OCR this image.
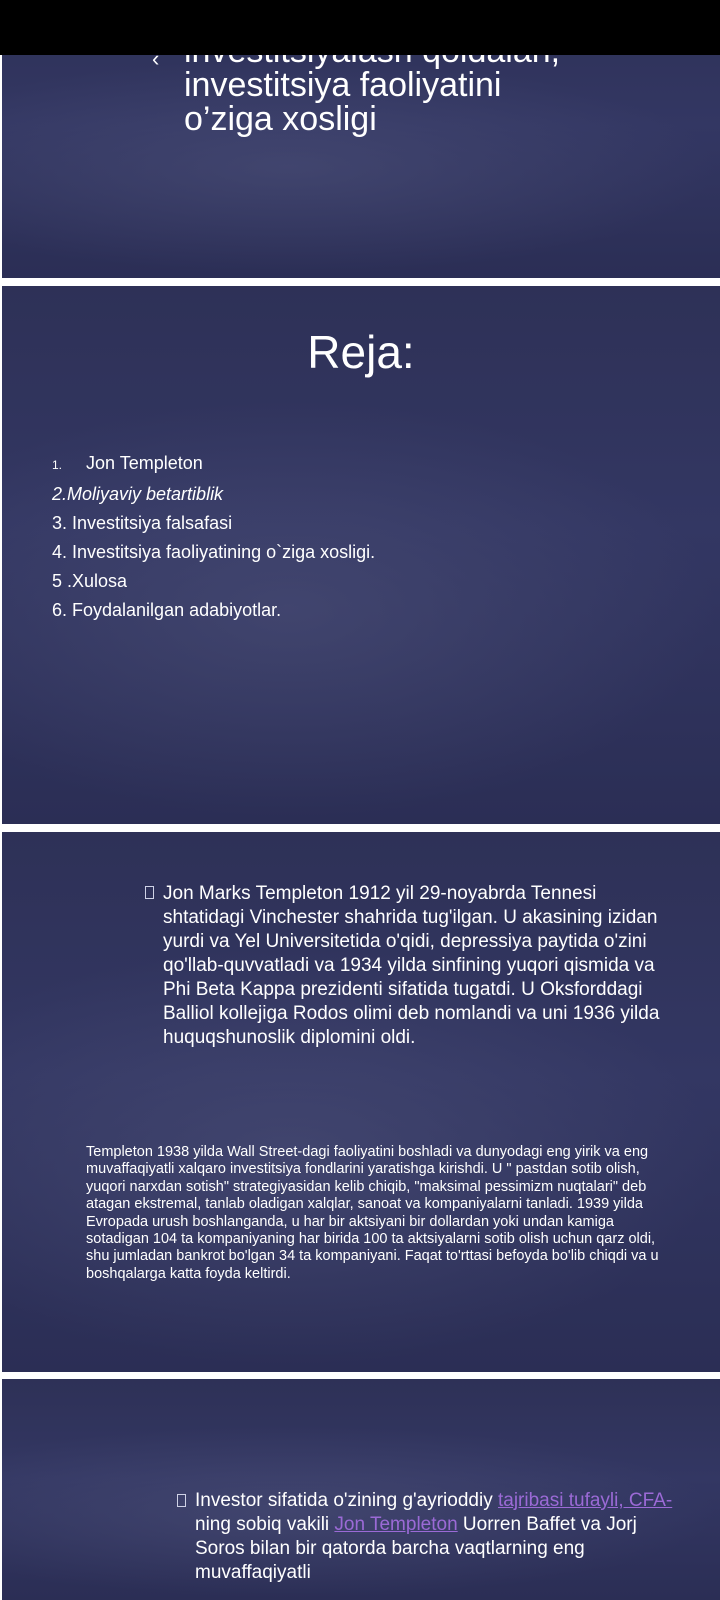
investitsiya faoliyatini
o’ziga xosligi
‹
Reja:
1. Jon Templeton
2.Moliyaviy betartiblik
3. Investitsiya falsafasi
4. Investitsiya faoliyatining o`ziga xosligi.
5 .Xulosa
6. Foydalanilgan adabiyotlar.
Jon Marks Templeton 1912 yil 29-noyabrda Tennesi shtatidagi Vinchester shahrida tug'ilgan. U akasining izidan yurdi va Yel Universitetida o'qidi, depressiya paytida o'zini qo'llab-quvvatladi va 1934 yilda sinfining yuqori qismida va Phi Beta Kappa prezidenti sifatida tugatdi. U Oksforddagi Balliol kollejiga Rodos olimi deb nomlandi va uni 1936 yilda huquqshunoslik diplomini oldi.
Templeton 1938 yilda Wall Street-dagi faoliyatini boshladi va dunyodagi eng yirik va eng muvaffaqiyatli xalqaro investitsiya fondlarini yaratishga kirishdi. U " pastdan sotib olish, yuqori narxdan sotish" strategiyasidan kelib chiqib, "maksimal pessimizm nuqtalari" deb atagan ekstremal, tanlab oladigan xalqlar, sanoat va kompaniyalarni tanladi. 1939 yilda Evropada urush boshlanganda, u har bir aktsiyani bir dollardan yoki undan kamiga sotadigan 104 ta kompaniyaning har birida 100 ta aktsiyalarni sotib olish uchun qarz oldi, shu jumladan bankrot bo'lgan 34 ta kompaniyani. Faqat to'rttasi befoyda bo'lib chiqdi va u boshqalarga katta foyda keltirdi.
Investor sifatida o'zining g'ayrioddiy tajribasi tufayli, CFA- ning sobiq vakili Jon Templeton Uorren Baffet va Jorj Soros bilan bir qatorda barcha vaqtlarning eng muvaffaqiyatli
